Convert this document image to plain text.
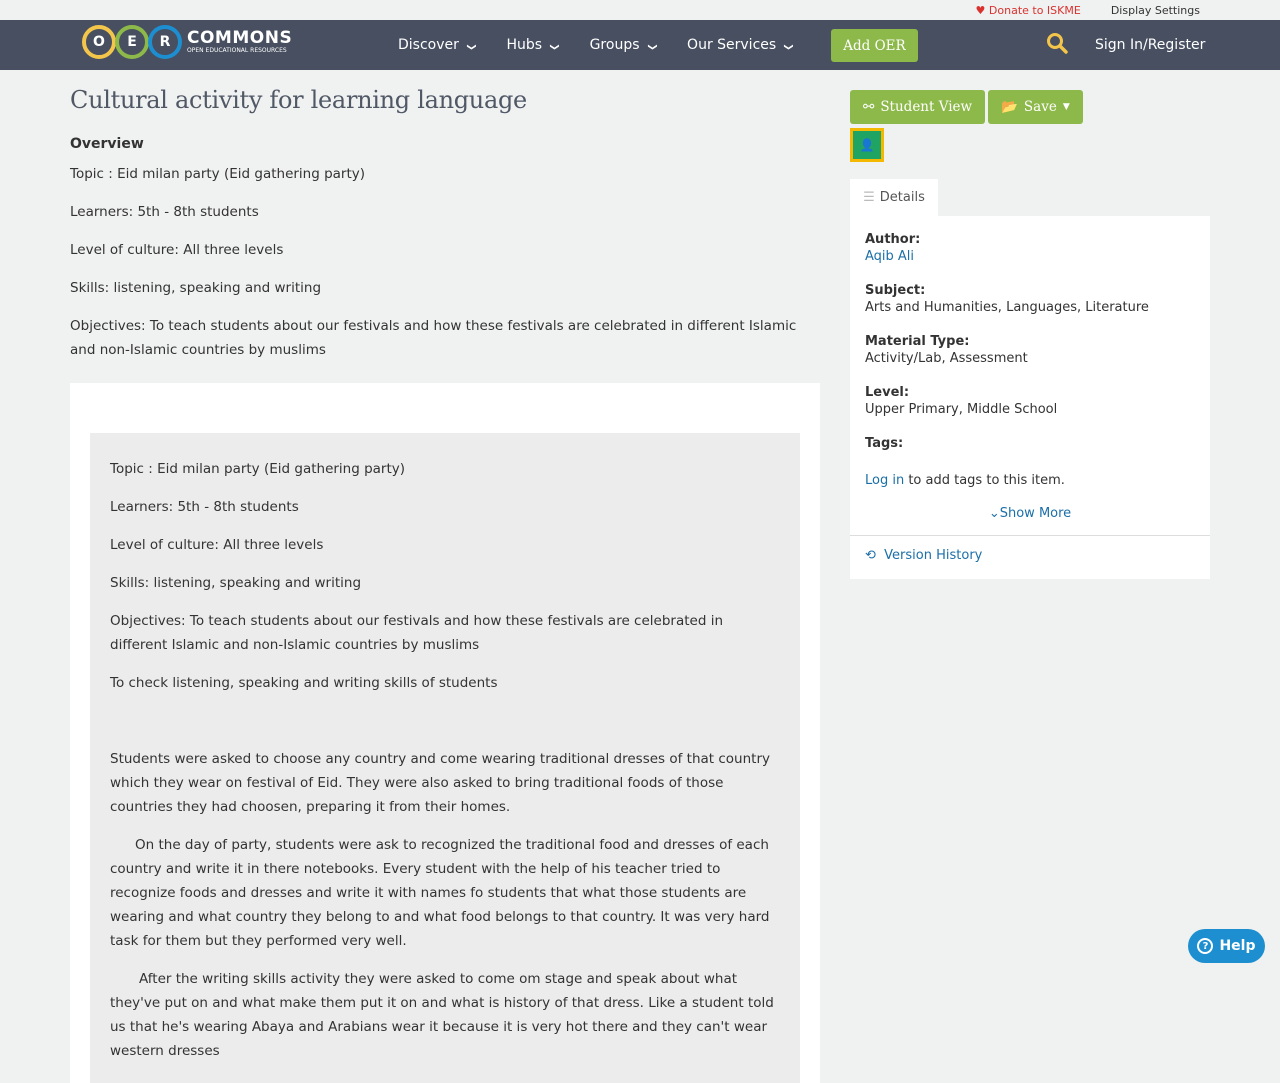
♥ Donate to ISKME	Display Settings
O	E	R COMMONS
OPEN EDUCATIONAL RESOURCES	Discover ❯ Hubs ❯ Groups ❯ Our Services ❯	Add OER	Sign In/Register
Cultural activity for learning language
Overview

Topic : Eid milan party (Eid gathering party)

Learners: 5th - 8th students

Level of culture: All three levels

Skills: listening, speaking and writing

Objectives: To teach students about our festivals and how these festivals are celebrated in different Islamic and non-Islamic countries by muslims

Topic : Eid milan party (Eid gathering party)

Learners: 5th - 8th students

Level of culture: All three levels

Skills: listening, speaking and writing

Objectives: To teach students about our festivals and how these festivals are celebrated in different Islamic and non-Islamic countries by muslims

To check listening, speaking and writing skills of students

Students were asked to choose any country and come wearing traditional dresses of that country which they wear on festival of Eid. They were also asked to bring traditional foods of those countries they had choosen, preparing it from their homes.

On the day of party, students were ask to recognized the traditional food and dresses of each country and write it in there notebooks. Every student with the help of his teacher tried to recognize foods and dresses and write it with names fo students that what those students are wearing and what country they belong to and what food belongs to that country. It was very hard task for them but they performed very well.

After the writing skills activity they were asked to come om stage and speak about what they've put on and what make them put it on and what is history of that dress. Like a student told us that he's wearing Abaya and Arabians wear it because it is very hot there and they can't wear western dresses

⚯ Student View 📂 Save ▼
👤
☰ Details
Author:
Aqib Ali
Subject:
Arts and Humanities, Languages, Literature
Material Type:
Activity/Lab, Assessment
Level:
Upper Primary, Middle School
Tags:
Log in to add tags to this item.
⌄Show More
⟲ Version History
? Help
